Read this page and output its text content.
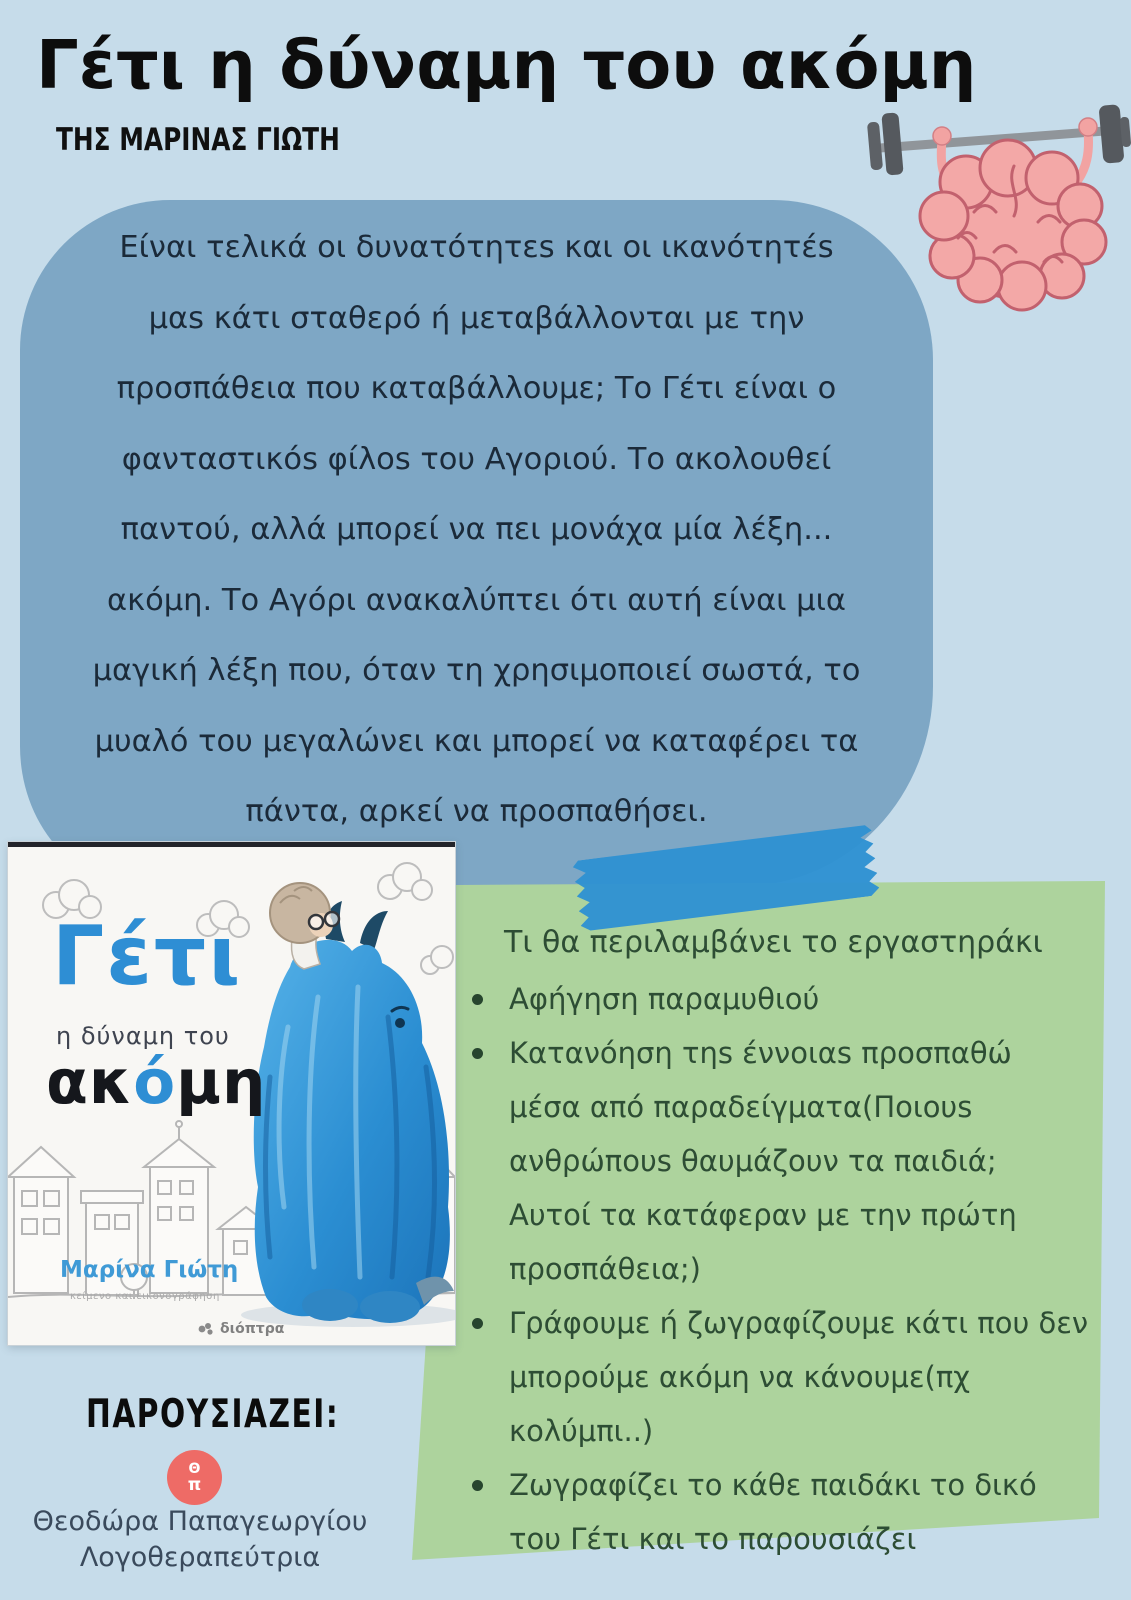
Γέτι η δύναμη του ακόμη
ΤΗΣ ΜΑΡΙΝΑΣ ΓΙΩΤΗ
Είναι τελικά οι δυνατότητεs και οι ικανότητέs
μαs κάτι σταθερό ή μεταβάλλονται με την
προσπάθεια που καταβάλλουμε; Το Γέτι είναι ο
φανταστικόs φίλοs του Αγοριού. Το ακολουθεί
παντού, αλλά μπορεί να πει μονάχα μία λέξη...
ακόμη. Το Αγόρι ανακαλύπτει ότι αυτή είναι μια
μαγική λέξη που, όταν τη χρησιμοποιεί σωστά, το
μυαλό του μεγαλώνει και μπορεί να καταφέρει τα
πάντα, αρκεί να προσπαθήσει.
Γέτι
η δύναμη του
ακόμη
Μαρίνα Γιώτη
κείμενο και εικονογράφηση
διόπτρα
Τι θα περιλαμβάνει το εργαστηράκι
Αφήγηση παραμυθιού
Κατανόηση τηs έννοιαs προσπαθώ
μέσα από παραδείγματα(Ποιουs
ανθρώπουs θαυμάζουν τα παιδιά;
Αυτοί τα κατάφεραν με την πρώτη
προσπάθεια;)
Γράφουμε ή ζωγραφίζουμε κάτι που δεν
μπορούμε ακόμη να κάνουμε(πχ
κολύμπι..)
Ζωγραφίζει το κάθε παιδάκι το δικό
του Γέτι και το παρουσιάζει
ΠΑΡΟΥΣΙΑΖΕΙ:
Θ
π
Θεοδώρα Παπαγεωργίου
Λογοθεραπεύτρια
